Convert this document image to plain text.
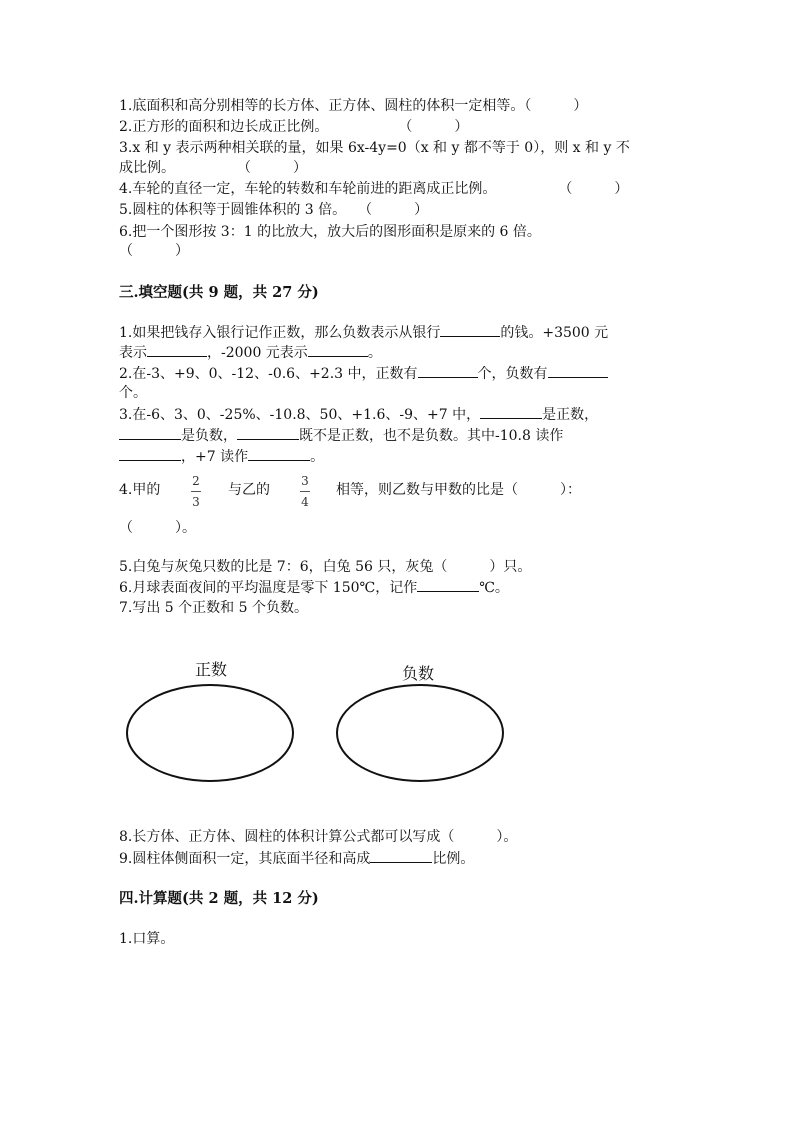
1.底面积和高分别相等的长方体、正方体、圆柱的体积一定相等。（　　　）
2.正方形的面积和边长成正比例。	（　　　）
3.x 和 y 表示两种相关联的量，如果 6x-4y=0（x 和 y 都不等于 0），则 x 和 y 不
成比例。	（　　　）
4.车轮的直径一定，车轮的转数和车轮前进的距离成正比例。	（　　　）
5.圆柱的体积等于圆锥体积的 3 倍。 （　　　）
6.把一个图形按 3：1 的比放大，放大后的图形面积是原来的 6 倍。
（　　　）
三.填空题(共 9 题，共 27 分)
1.如果把钱存入银行记作正数，那么负数表示从银行	的钱。+3500 元
表示	，-2000 元表示	。
2.在-3、+9、0、-12、-0.6、+2.3 中，正数有	个，负数有
个。
3.在-6、3、0、-25%、-10.8、50、+1.6、-9、+7 中，	是正数，
是负数，	既不是正数，也不是负数。其中-10.8 读作
，+7 读作	。
4.甲的
2
3
与乙的
3
4
相等，则乙数与甲数的比是（　　　）：
（　　　）。
5.白兔与灰兔只数的比是 7：6，白兔 56 只，灰兔（　　　）只。
6.月球表面夜间的平均温度是零下 150℃，记作	℃。
7.写出 5 个正数和 5 个负数。
正数	负数
8.长方体、正方体、圆柱的体积计算公式都可以写成（　　　）。
9.圆柱体侧面积一定，其底面半径和高成	比例。
四.计算题(共 2 题，共 12 分)
1.口算。
